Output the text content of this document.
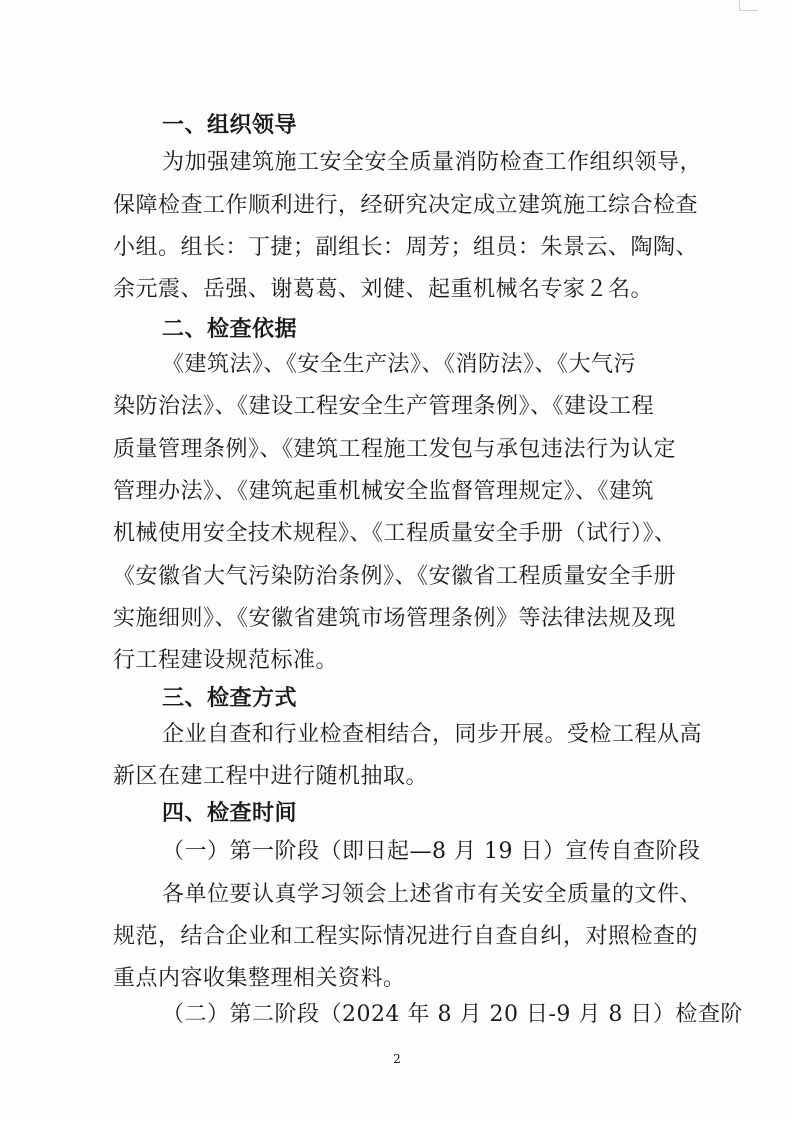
一、组织领导
为加强建筑施工安全安全质量消防检查工作组织领导，
保障检查工作顺利进行，经研究决定成立建筑施工综合检查
小组。组长：丁捷；副组长：周芳；组员：朱景云、陶陶、
余元震、岳强、谢葛葛、刘健、起重机械名专家２名。
二、检查依据
《建筑法》、《安全生产法》、《消防法》、《大气污
染防治法》、《建设工程安全生产管理条例》、《建设工程
质量管理条例》、《建筑工程施工发包与承包违法行为认定
管理办法》、《建筑起重机械安全监督管理规定》、《建筑
机械使用安全技术规程》、《工程质量安全手册（试行）》、
《安徽省大气污染防治条例》、《安徽省工程质量安全手册
实施细则》、《安徽省建筑市场管理条例》等法律法规及现
行工程建设规范标准。
三、检查方式
企业自查和行业检查相结合，同步开展。受检工程从高
新区在建工程中进行随机抽取。
四、检查时间
（一）第一阶段（即日起—8 月 19 日）宣传自查阶段
各单位要认真学习领会上述省市有关安全质量的文件、
规范，结合企业和工程实际情况进行自查自纠，对照检查的
重点内容收集整理相关资料。
（二）第二阶段（2024 年 8 月 20 日-9 月 8 日）检查阶
2
